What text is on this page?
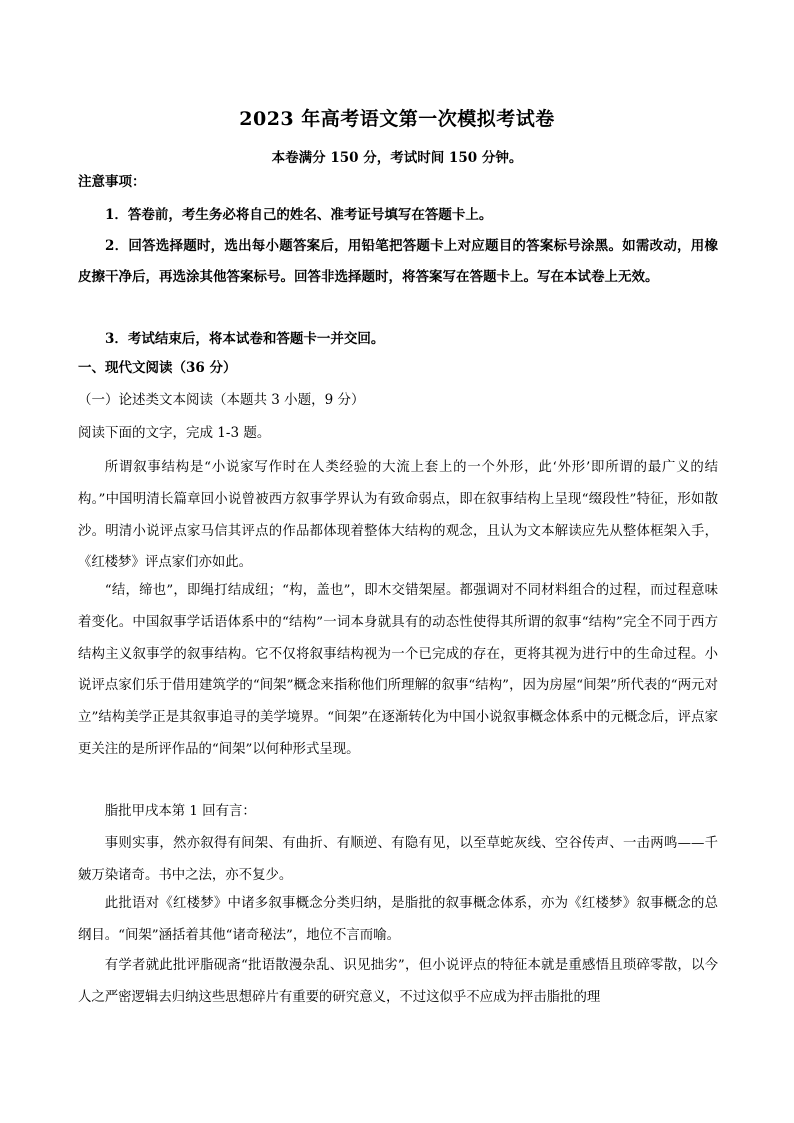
2023 年高考语文第一次模拟考试卷
本卷满分 150 分，考试时间 150 分钟。
注意事项：
1．答卷前，考生务必将自己的姓名、准考证号填写在答题卡上。
2．回答选择题时，选出每小题答案后，用铅笔把答题卡上对应题目的答案标号涂黑。如需改动，用橡皮擦干净后，再选涂其他答案标号。回答非选择题时，将答案写在答题卡上。写在本试卷上无效。
3．考试结束后，将本试卷和答题卡一并交回。
一、现代文阅读（36 分）
（一）论述类文本阅读（本题共 3 小题，9 分）
阅读下面的文字，完成 1-3 题。
所谓叙事结构是“小说家写作时在人类经验的大流上套上的一个外形，此‘外形’即所谓的最广义的结构。”中国明清长篇章回小说曾被西方叙事学界认为有致命弱点，即在叙事结构上呈现“缀段性”特征，形如散沙。明清小说评点家马信其评点的作品都体现着整体大结构的观念，且认为文本解读应先从整体框架入手，《红楼梦》评点家们亦如此。
“结，缔也”，即绳打结成纽；“构，盖也”，即木交错架屋。都强调对不同材料组合的过程，而过程意味着变化。中国叙事学话语体系中的“结构”一词本身就具有的动态性使得其所谓的叙事“结构”完全不同于西方结构主义叙事学的叙事结构。它不仅将叙事结构视为一个已完成的存在，更将其视为进行中的生命过程。小说评点家们乐于借用建筑学的“间架”概念来指称他们所理解的叙事“结构”，因为房屋“间架”所代表的“两元对立”结构美学正是其叙事追寻的美学境界。“间架”在逐渐转化为中国小说叙事概念体系中的元概念后，评点家更关注的是所评作品的“间架”以何种形式呈现。
脂批甲戌本第 1 回有言：
事则实事，然亦叙得有间架、有曲折、有顺逆、有隐有见，以至草蛇灰线、空谷传声、一击两鸣——千皴万染诸奇。书中之法，亦不复少。
此批语对《红楼梦》中诸多叙事概念分类归纳，是脂批的叙事概念体系，亦为《红楼梦》叙事概念的总纲目。“间架”涵括着其他“诸奇秘法”，地位不言而喻。
有学者就此批评脂砚斋“批语散漫杂乱、识见拙劣”，但小说评点的特征本就是重感悟且琐碎零散，以今人之严密逻辑去归纳这些思想碎片有重要的研究意义，不过这似乎不应成为抨击脂批的理
